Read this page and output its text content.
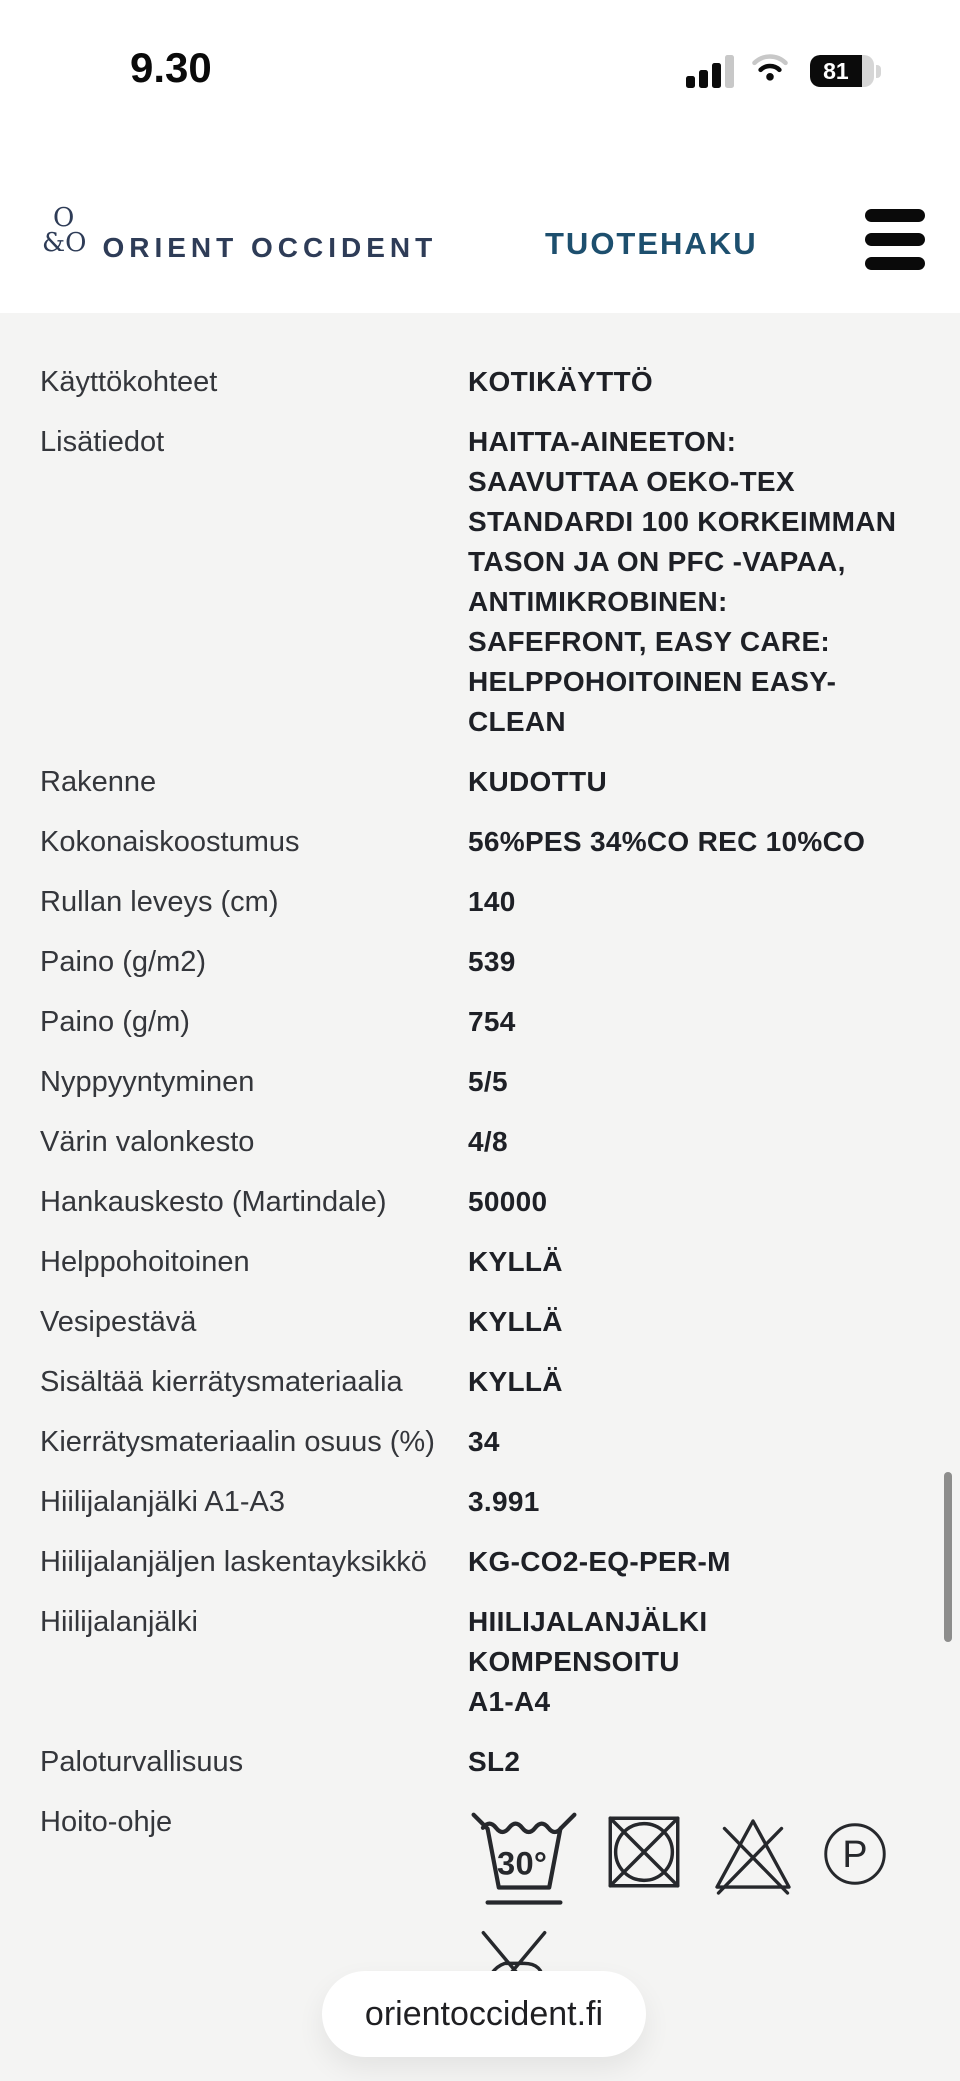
9.30	81
O
&O ORIENT OCCIDENT	TUOTEHAKU
Käyttökohteet	KOTIKÄYTTÖ
Lisätiedot	HAITTA-AINEETON:
SAAVUTTAA OEKO-TEX
STANDARDI 100 KORKEIMMAN
TASON JA ON PFC -VAPAA,
ANTIMIKROBINEN:
SAFEFRONT, EASY CARE:
HELPPOHOITOINEN EASY-
CLEAN
Rakenne	KUDOTTU
Kokonaiskoostumus	56%PES 34%CO REC 10%CO
Rullan leveys (cm)	140
Paino (g/m2)	539
Paino (g/m)	754
Nyppyyntyminen	5/5
Värin valonkesto	4/8
Hankauskesto (Martindale)	50000
Helppohoitoinen	KYLLÄ
Vesipestävä	KYLLÄ
Sisältää kierrätysmateriaalia	KYLLÄ
Kierrätysmateriaalin osuus (%)	34
Hiilijalanjälki A1-A3	3.991
Hiilijalanjäljen laskentayksikkö	KG-CO2-EQ-PER-M
Hiilijalanjälki	HIILIJALANJÄLKI KOMPENSOITU
A1-A4
Paloturvallisuus	SL2
Hoito-ohje
30°	P
orientoccident.fi
